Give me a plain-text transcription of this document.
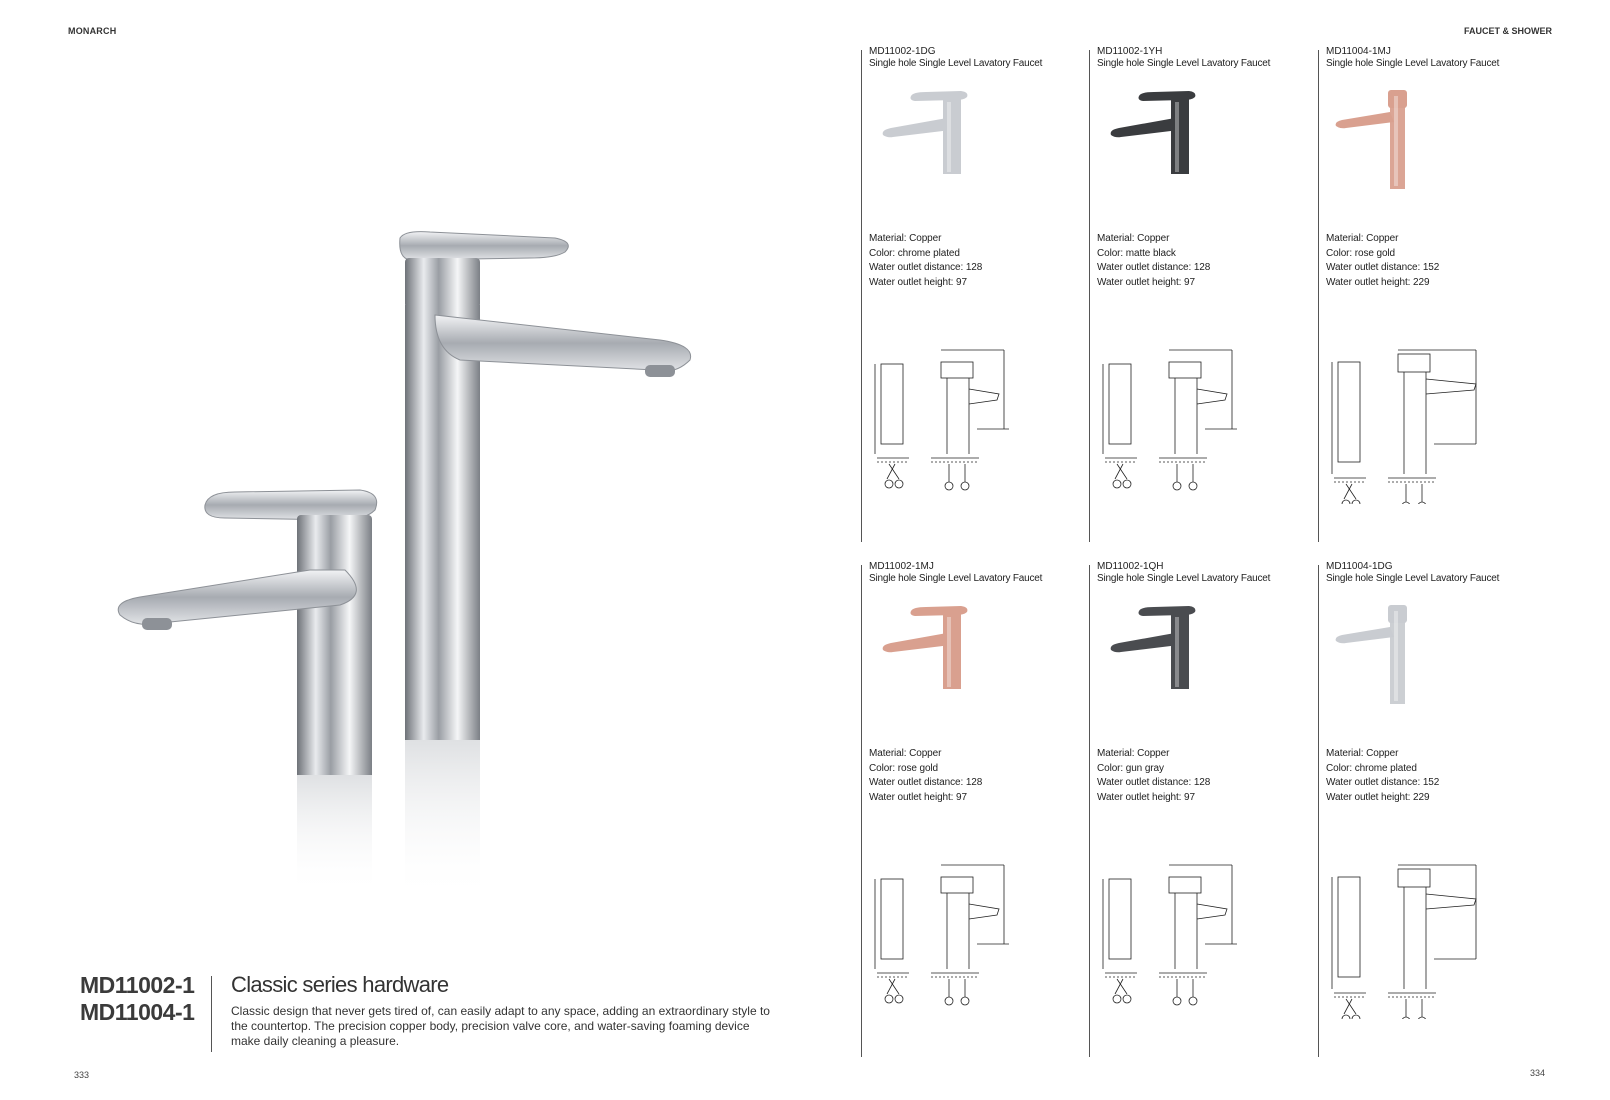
MONARCH	FAUCET & SHOWER
MD11002-1
MD11004-1
Classic series hardware
Classic design that never gets tired of, can easily adapt to any space, adding an extraordinary style to the countertop. The precision copper body, precision valve core, and water-saving foaming device make daily cleaning a pleasure.
MD11002-1DG
Single hole Single Level Lavatory Faucet
Material: Copper
Color: chrome plated
Water outlet distance: 128
Water outlet height: 97
MD11002-1YH
Single hole Single Level Lavatory Faucet
Material: Copper
Color: matte black
Water outlet distance: 128
Water outlet height: 97
MD11004-1MJ
Single hole Single Level Lavatory Faucet
Material: Copper
Color: rose gold
Water outlet distance: 152
Water outlet height: 229
MD11002-1MJ
Single hole Single Level Lavatory Faucet
Material: Copper
Color: rose gold
Water outlet distance: 128
Water outlet height: 97
MD11002-1QH
Single hole Single Level Lavatory Faucet
Material: Copper
Color: gun gray
Water outlet distance: 128
Water outlet height: 97
MD11004-1DG
Single hole Single Level Lavatory Faucet
Material: Copper
Color: chrome plated
Water outlet distance: 152
Water outlet height: 229
333	334
